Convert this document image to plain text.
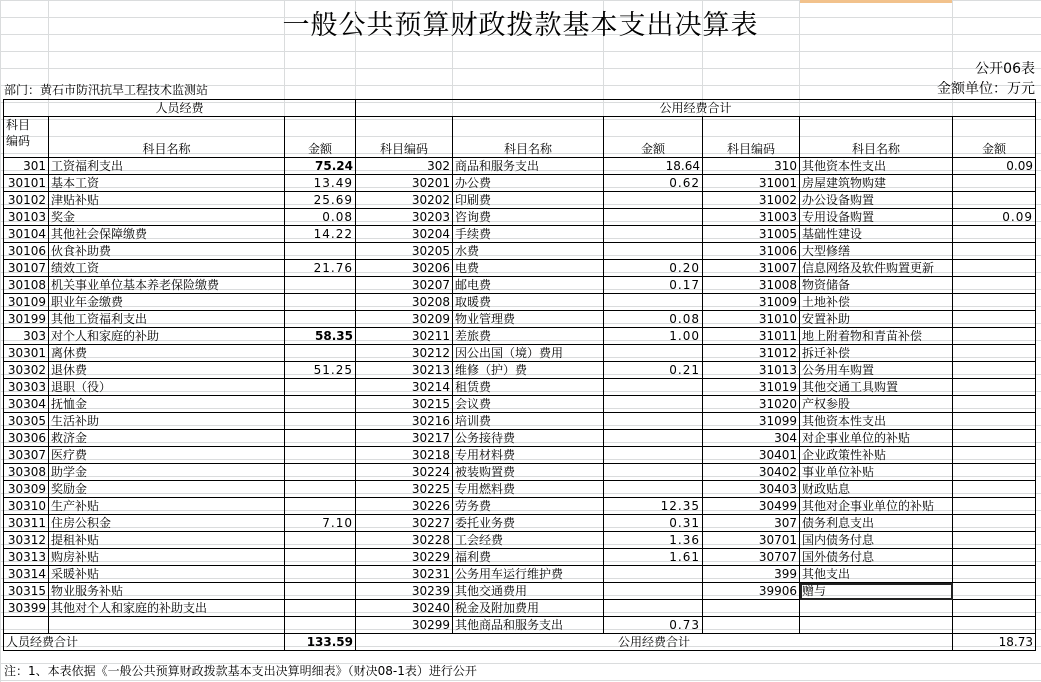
一般公共预算财政拨款基本支出决算表
公开06表
部门：黄石市防汛抗旱工程技术监测站	金额单位：万元
人员经费			公用经费合计					
科目
编码	科目名称	金额	科目编码	科目名称	金额	科目编码	科目名称	金额
301	工资福利支出	75.24	302	商品和服务支出	18.64	310	其他资本性支出	0.09
30101	基本工资	13.49	30201	办公费	0.62	31001	房屋建筑物购建	
30102	津贴补贴	25.69	30202	印刷费		31002	办公设备购置	
30103	奖金	0.08	30203	咨询费		31003	专用设备购置	0.09
30104	其他社会保障缴费	14.22	30204	手续费		31005	基础性建设	
30106	伙食补助费		30205	水费		31006	大型修缮	
30107	绩效工资	21.76	30206	电费	0.20	31007	信息网络及软件购置更新	
30108	机关事业单位基本养老保险缴费		30207	邮电费	0.17	31008	物资储备	
30109	职业年金缴费		30208	取暖费		31009	土地补偿	
30199	其他工资福利支出		30209	物业管理费	0.08	31010	安置补助	
303	对个人和家庭的补助	58.35	30211	差旅费	1.00	31011	地上附着物和青苗补偿	
30301	离休费		30212	因公出国（境）费用		31012	拆迁补偿	
30302	退休费	51.25	30213	维修（护）费	0.21	31013	公务用车购置	
30303	退职（役）		30214	租赁费		31019	其他交通工具购置	
30304	抚恤金		30215	会议费		31020	产权参股	
30305	生活补助		30216	培训费		31099	其他资本性支出	
30306	救济金		30217	公务接待费		304	对企事业单位的补贴	
30307	医疗费		30218	专用材料费		30401	企业政策性补贴	
30308	助学金		30224	被装购置费		30402	事业单位补贴	
30309	奖励金		30225	专用燃料费		30403	财政贴息	
30310	生产补贴		30226	劳务费	12.35	30499	其他对企事业单位的补贴	
30311	住房公积金	7.10	30227	委托业务费	0.31	307	债务利息支出	
30312	提租补贴		30228	工会经费	1.36	30701	国内债务付息	
30313	购房补贴		30229	福利费	1.61	30707	国外债务付息	
30314	采暖补贴		30231	公务用车运行维护费		399	其他支出	
30315	物业服务补贴		30239	其他交通费用		39906	赠与	
30399	其他对个人和家庭的补助支出		30240	税金及附加费用				
			30299	其他商品和服务支出	0.73			
人员经费合计		133.59	公用经费合计					18.73
注：1、本表依据《一般公共预算财政拨款基本支出决算明细表》（财决08-1表）进行公开
